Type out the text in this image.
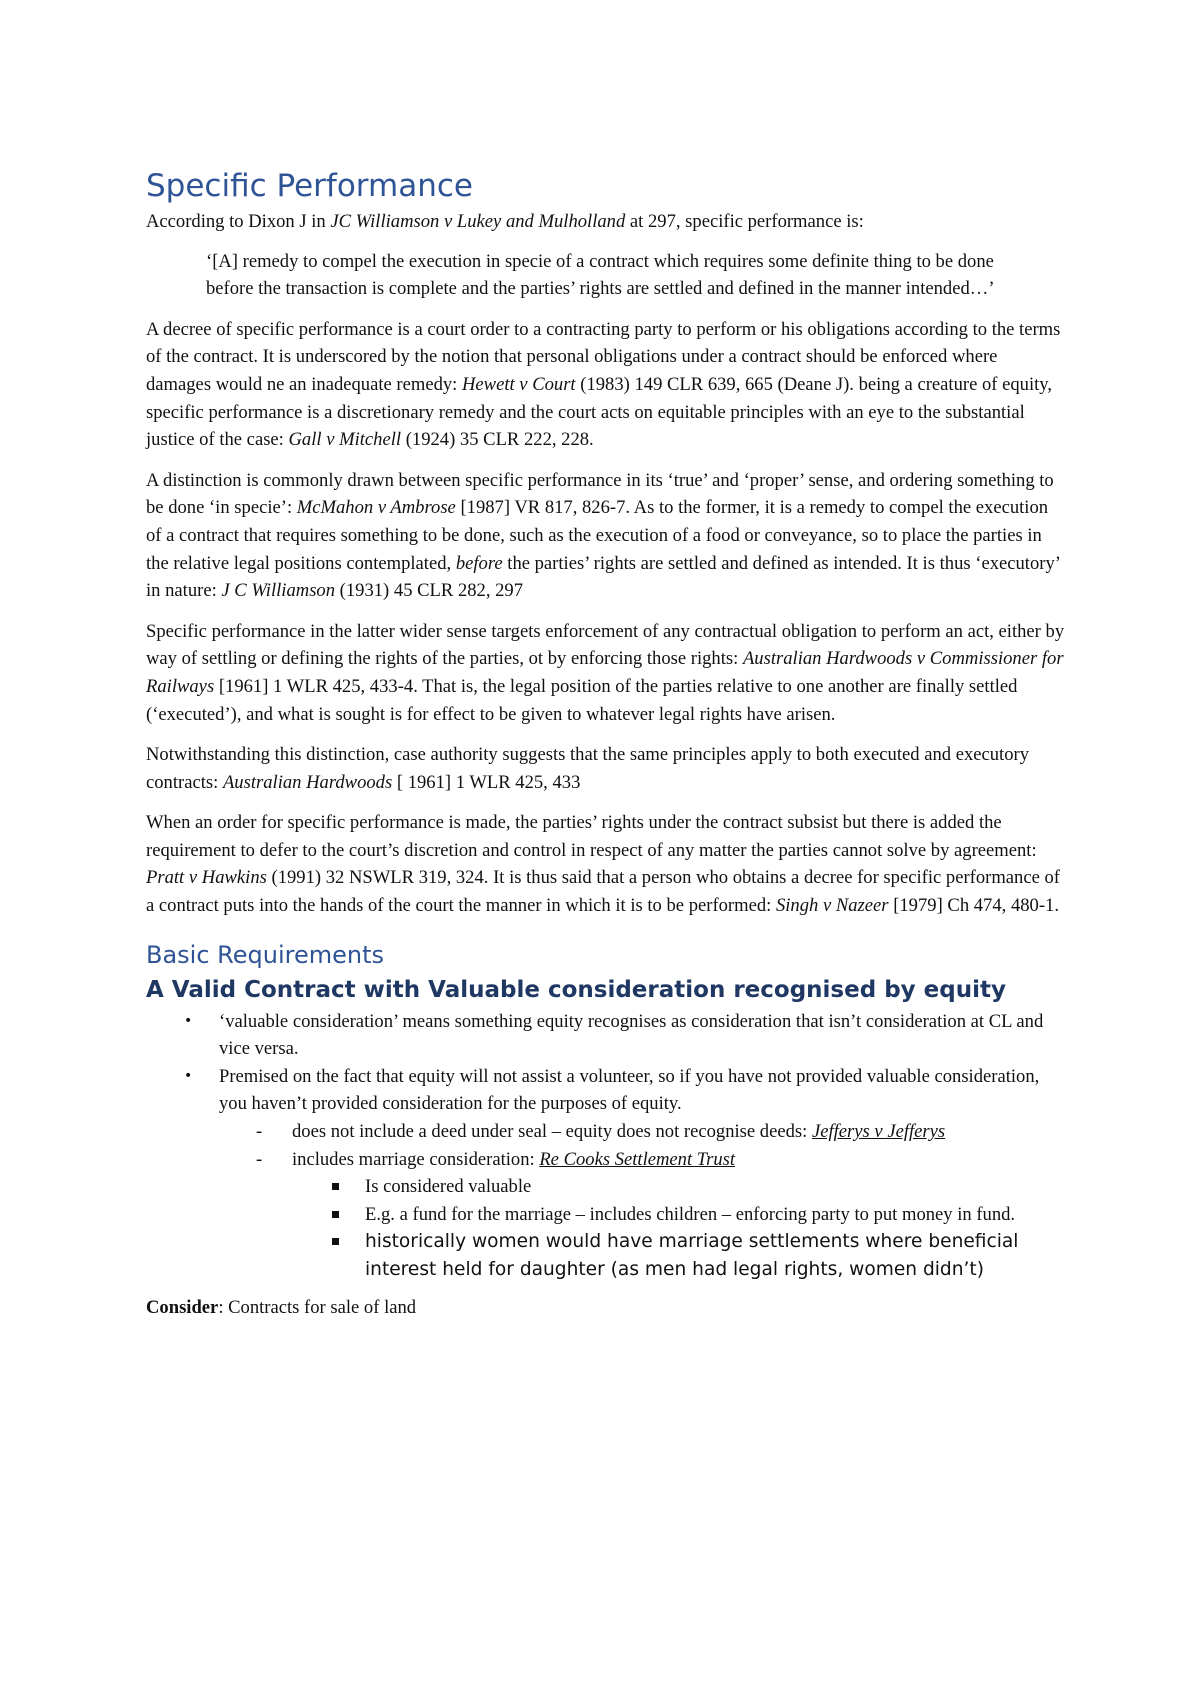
Specific Performance

According to Dixon J in JC Williamson v Lukey and Mulholland at 297, specific performance is:

‘[A] remedy to compel the execution in specie of a contract which requires some definite thing to be done before the transaction is complete and the parties’ rights are settled and defined in the manner intended…’

A decree of specific performance is a court order to a contracting party to perform or his obligations according to the terms of the contract. It is underscored by the notion that personal obligations under a contract should be enforced where damages would ne an inadequate remedy: Hewett v Court (1983) 149 CLR 639, 665 (Deane J). being a creature of equity, specific performance is a discretionary remedy and the court acts on equitable principles with an eye to the substantial justice of the case: Gall v Mitchell (1924) 35 CLR 222, 228.

A distinction is commonly drawn between specific performance in its ‘true’ and ‘proper’ sense, and ordering something to be done ‘in specie’: McMahon v Ambrose [1987] VR 817, 826-7. As to the former, it is a remedy to compel the execution of a contract that requires something to be done, such as the execution of a food or conveyance, so to place the parties in the relative legal positions contemplated, before the parties’ rights are settled and defined as intended. It is thus ‘executory’ in nature: J C Williamson (1931) 45 CLR 282, 297

Specific performance in the latter wider sense targets enforcement of any contractual obligation to perform an act, either by way of settling or defining the rights of the parties, ot by enforcing those rights: Australian Hardwoods v Commissioner for Railways [1961] 1 WLR 425, 433-4. That is, the legal position of the parties relative to one another are finally settled (‘executed’), and what is sought is for effect to be given to whatever legal rights have arisen.

Notwithstanding this distinction, case authority suggests that the same principles apply to both executed and executory contracts: Australian Hardwoods [ 1961] 1 WLR 425, 433

When an order for specific performance is made, the parties’ rights under the contract subsist but there is added the requirement to defer to the court’s discretion and control in respect of any matter the parties cannot solve by agreement: Pratt v Hawkins (1991) 32 NSWLR 319, 324. It is thus said that a person who obtains a decree for specific performance of a contract puts into the hands of the court the manner in which it is to be performed: Singh v Nazeer [1979] Ch 474, 480-1.

Basic Requirements
A Valid Contract with Valuable consideration recognised by equity
• ‘valuable consideration’ means something equity recognises as consideration that isn’t consideration at CL and vice versa.
• Premised on the fact that equity will not assist a volunteer, so if you have not provided valuable consideration, you haven’t provided consideration for the purposes of equity.
- does not include a deed under seal – equity does not recognise deeds: Jefferys v Jefferys
- includes marriage consideration: Re Cooks Settlement Trust
Is considered valuable
E.g. a fund for the marriage – includes children – enforcing party to put money in fund.
historically women would have marriage settlements where beneficial interest held for daughter (as men had legal rights, women didn’t)

Consider: Contracts for sale of land
